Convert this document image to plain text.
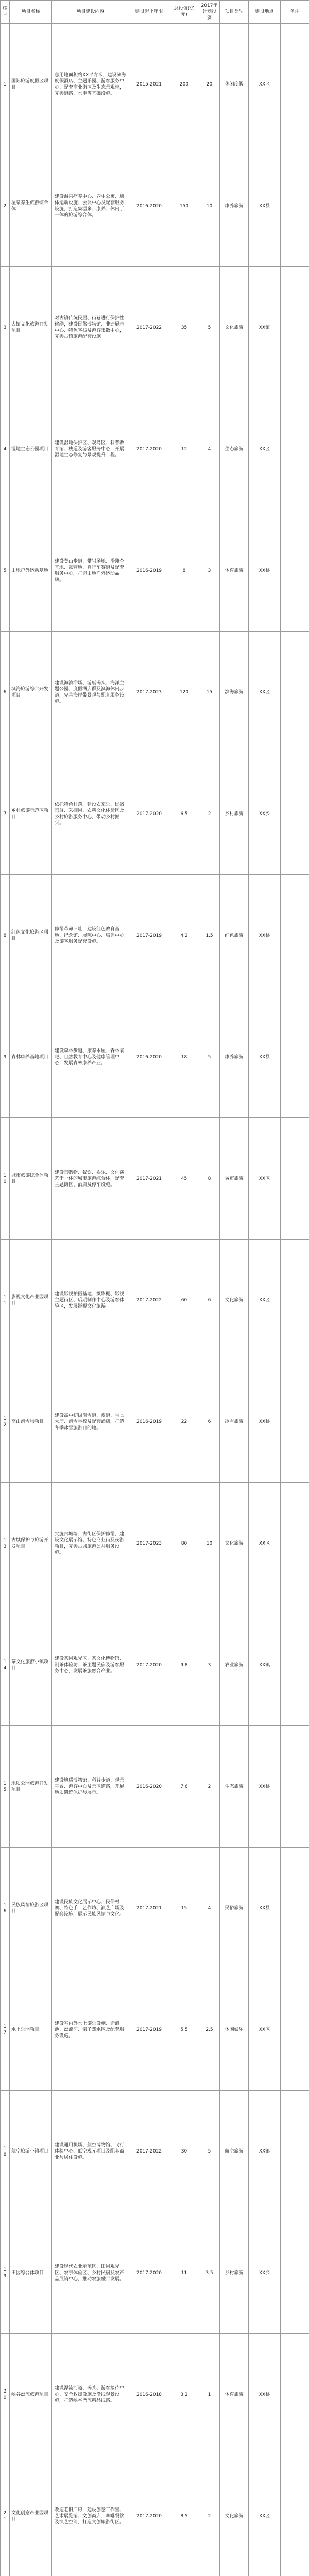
序号	项目名称	项目建设内容	建设起止年限	总投资(亿元)	2017年计划投资	项目类型	建设地点	备注
1	国际旅游度假区项目	总用地面积约XX平方米，建设滨海度假酒店、主题乐园、游客服务中心、配套商业街区及生态景观带，完善道路、水电等基础设施。	2015-2021	200	20	休闲度假	XX区	
2	温泉养生旅游综合体	建设温泉疗养中心、养生公寓、康体运动设施、会议中心及配套服务设施，打造集温泉、康养、休闲于一体的旅游综合体。	2016-2020	150	10	康养旅游	XX县	
3	古镇文化旅游开发项目	对古镇传统民居、街巷进行保护性修缮，建设民俗博物馆、非遗展示中心、特色客栈及游客集散中心，完善古镇旅游配套设施。	2017-2022	35	5	文化旅游	XX镇	
4	湿地生态公园项目	建设湿地保护区、观鸟区、科普教育馆、栈道及游客服务中心，开展湿地生态修复与景观提升工程。	2017-2020	12	4	生态旅游	XX区	
5	山地户外运动基地	建设登山步道、攀岩场地、滑翔伞基地、露营地、自行车赛道及配套服务中心，打造山地户外运动品牌。	2016-2019	8	3	体育旅游	XX县	
6	滨海旅游综合开发项目	建设海滨浴场、游艇码头、海洋主题公园、度假酒店群及滨海休闲步道，完善海岸带景观与配套服务设施。	2017-2023	120	15	滨海旅游	XX区	
7	乡村旅游示范区项目	依托特色村落，建设农家乐、民宿集群、采摘园、农耕文化体验区及乡村旅游服务中心，带动乡村振兴。	2017-2020	6.5	2	乡村旅游	XX乡	
8	红色文化旅游区项目	修缮革命旧址，建设红色教育基地、纪念馆、展陈中心、培训中心及游客服务配套设施。	2017-2019	4.2	1.5	红色旅游	XX县	
9	森林康养基地项目	建设森林步道、康养木屋、森林氧吧、自然教育中心及健康管理中心，发展森林康养产业。	2016-2020	18	5	康养旅游	XX县	
10	城市旅游综合体项目	建设集购物、餐饮、娱乐、文化演艺于一体的城市旅游综合体，配套主题街区、酒店及停车设施。	2017-2021	45	8	城市旅游	XX区	
11	影视文化产业园项目	建设影视拍摄基地、摄影棚、影视主题街区、后期制作中心及游客体验区，发展影视文化旅游。	2017-2022	60	6	文化旅游	XX区	
12	高山滑雪场项目	建设高中初级滑雪道、索道、雪具大厅、滑雪学校及配套酒店，打造冬季冰雪旅游目的地。	2016-2019	22	6	冰雪旅游	XX县	
13	古城保护与旅游开发项目	实施古城墙、古街区保护修缮，建设文化展示馆、特色商业街及夜游项目，完善古城旅游公共服务设施。	2017-2023	80	10	文化旅游	XX区	
14	茶文化旅游小镇项目	建设茶园观光区、茶文化博物馆、制茶体验坊、茶主题民宿及游客服务中心，发展茶旅融合产业。	2017-2020	9.8	3	农业旅游	XX镇	
15	地质公园旅游开发项目	建设地质博物馆、科普步道、观景平台、游客中心及景区道路，开展地质遗迹保护与展示。	2016-2020	7.6	2	生态旅游	XX县	
16	民族风情旅游区项目	建设民族文化展示中心、民俗村寨、特色手工艺作坊、演艺广场及配套设施，展示民族风情与文化。	2017-2021	15	4	民俗旅游	XX县	
17	水上乐园项目	建设室内外水上游乐设施、造浪池、漂流河、亲子戏水区及配套服务设施。	2017-2019	5.5	2.5	休闲娱乐	XX区	
18	航空旅游小镇项目	建设通用机场、航空博物馆、飞行体验中心、低空观光项目及配套商业与居住设施。	2017-2022	30	5	航空旅游	XX镇	
19	田园综合体项目	建设现代农业示范区、田园观光区、农事体验区、乡村民宿及农产品展销中心，推动农旅融合发展。	2017-2020	11	3.5	乡村旅游	XX乡	
20	峡谷漂流旅游项目	建设漂流河道、码头、游客接待中心、安全救援设施及沿线观景设施，打造峡谷漂流精品线路。	2016-2018	3.2	1	体育旅游	XX县	
21	文化创意产业园项目	改造老旧厂房，建设创意工作室、艺术展览馆、文创商店、咖啡餐饮及演艺空间，打造文创旅游街区。	2017-2020	8.5	2	文化旅游	XX区	
